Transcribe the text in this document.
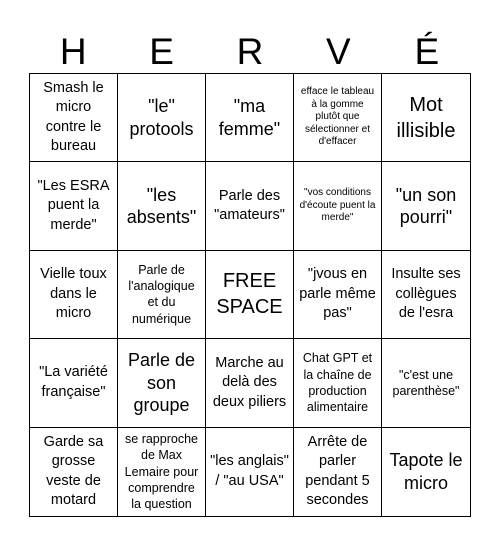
H	E	R	V	É
Smash le micro contre le bureau
"le" protools
"ma femme"
efface le tableau à la gomme plutôt que sélectionner et d'effacer
Mot illisible
"Les ESRA puent la merde"
"les absents"
Parle des "amateurs"
"vos conditions d'écoute puent la merde"
"un son pourri"
Vielle toux dans le micro
Parle de l'analogique et du numérique
FREE SPACE
"jvous en parle même pas"
Insulte ses collègues de l'esra
"La variété française"
Parle de son groupe
Marche au delà des deux piliers
Chat GPT et la chaîne de production alimentaire
"c'est une parenthèse"
Garde sa grosse veste de motard
se rapproche de Max Lemaire pour comprendre la question
"les anglais" / "au USA"
Arrête de parler pendant 5 secondes
Tapote le micro
